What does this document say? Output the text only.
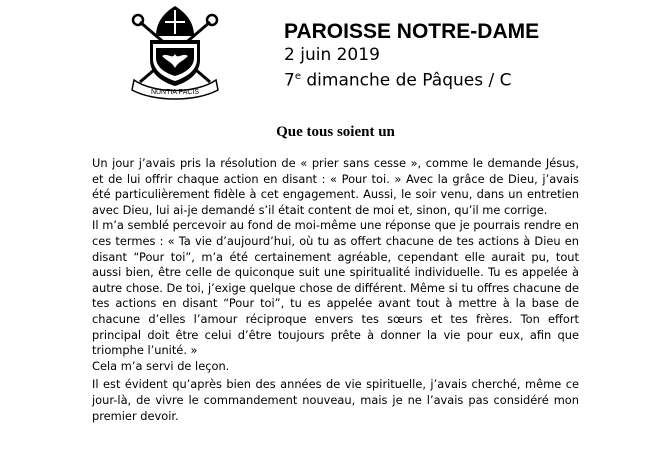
NUNTIA PACIS

PAROISSE NOTRE-DAME

2 juin 2019

7e dimanche de Pâques / C

Que tous soient un

Un jour j’avais pris la résolution de « prier sans cesse », comme le demande Jésus, et de lui offrir chaque action en disant : « Pour toi. » Avec la grâce de Dieu, j’avais été particulièrement fidèle à cet engagement. Aussi, le soir venu, dans un entretien avec Dieu, lui ai-je demandé s’il était content de moi et, sinon, qu’il me corrige.

Il m’a semblé percevoir au fond de moi-même une réponse que je pourrais rendre en ces termes : « Ta vie d’aujourd’hui, où tu as offert chacune de tes actions à Dieu en disant “Pour toi”, m’a été certainement agréable, cependant elle aurait pu, tout aussi bien, être celle de quiconque suit une spiritualité individuelle. Tu es appelée à autre chose. De toi, j’exige quelque chose de différent. Même si tu offres chacune de tes actions en disant “Pour toi”, tu es appelée avant tout à mettre à la base de chacune d’elles l’amour réciproque envers tes sœurs et tes frères. Ton effort principal doit être celui d’être toujours prête à donner la vie pour eux, afin que triomphe l’unité. »

Cela m’a servi de leçon.

Il est évident qu’après bien des années de vie spirituelle, j’avais cherché, même ce jour-là, de vivre le commandement nouveau, mais je ne l’avais pas considéré mon premier devoir.
